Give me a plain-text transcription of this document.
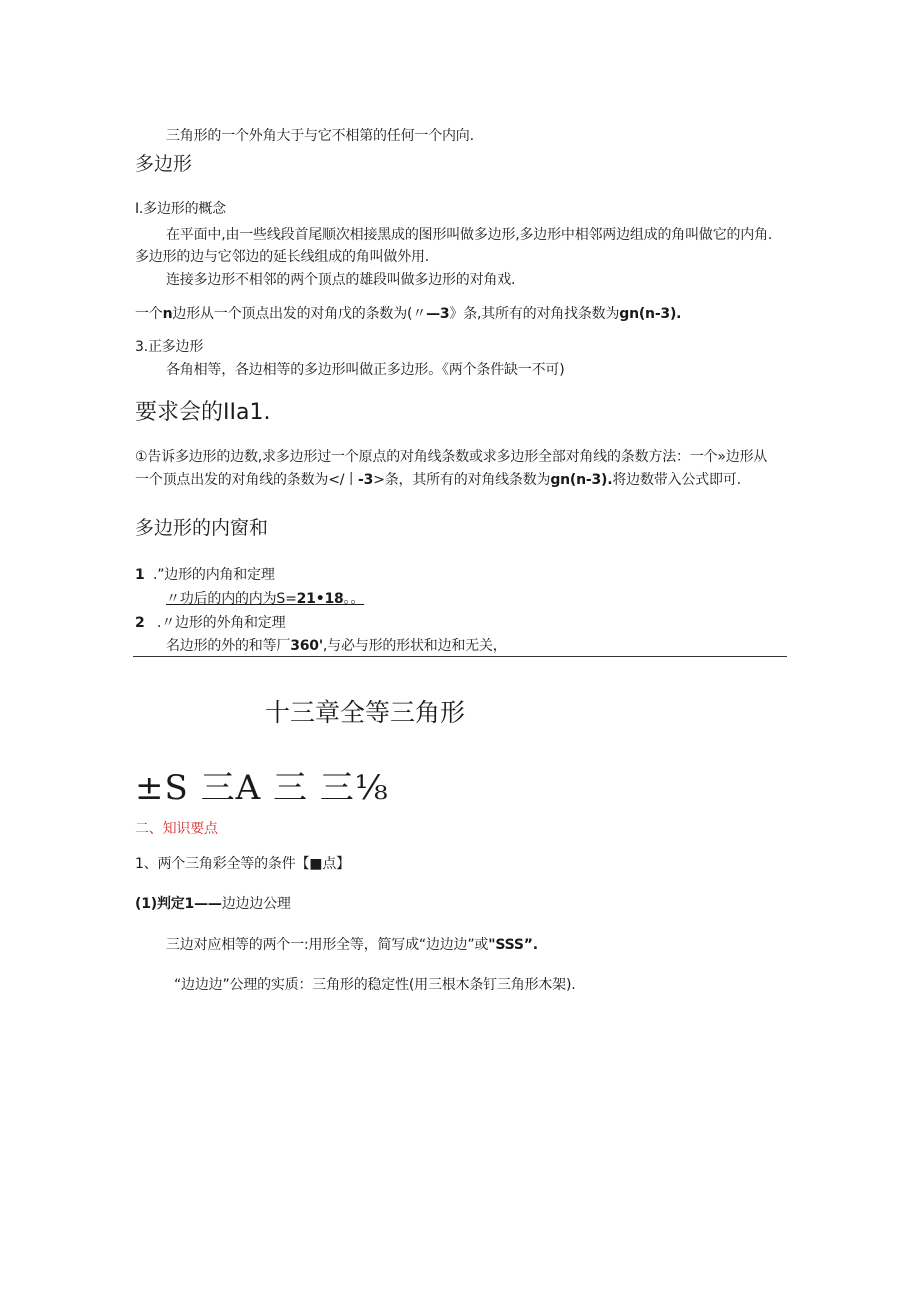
三角形的一个外角大于与它不相第的任何一个内向.
多边形
I.多边形的概念
在平面中,由一些线段首尾顺次相接黑成的图形叫做多边形,多边形中相邻两边组成的角叫做它的内角.
多边形的边与它邻边的延长线组成的角叫做外用.
连接多边形不相邻的两个顶点的雄段叫做多边形的对角戏.
一个n边形从一个顶点出发的对角戊的条数为(〃—3》条,其所有的对角找条数为gn(n-3).
3.正多边形
各角相等，各边相等的多边形叫做正多边形。《两个条件缺一不可)
要求会的IIa1.
①告诉多边形的边数,求多边形过一个原点的对角线条数或求多边形全部对角线的条数方法：一个»边形从
一个顶点出发的对角线的条数为</丨-3>条，其所有的对角线条数为gn(n-3).将边数带入公式即可.
多边形的内窗和
1 .”边形的内角和定理
〃功后的内的内为S=21•18。。
2 .〃边形的外角和定理
名边形的外的和等厂360',与必与形的形状和边和无关，
十三章全等三角形
±S 三A 三 三⅛
二、知识要点
1、两个三角彩全等的条件【■点】
(1)判定1——边边边公理
三边对应相等的两个一:用形全等，简写成“边边边”或"SSS”.
“边边边”公理的实质：三角形的稳定性(用三根木条钉三角形木架).
